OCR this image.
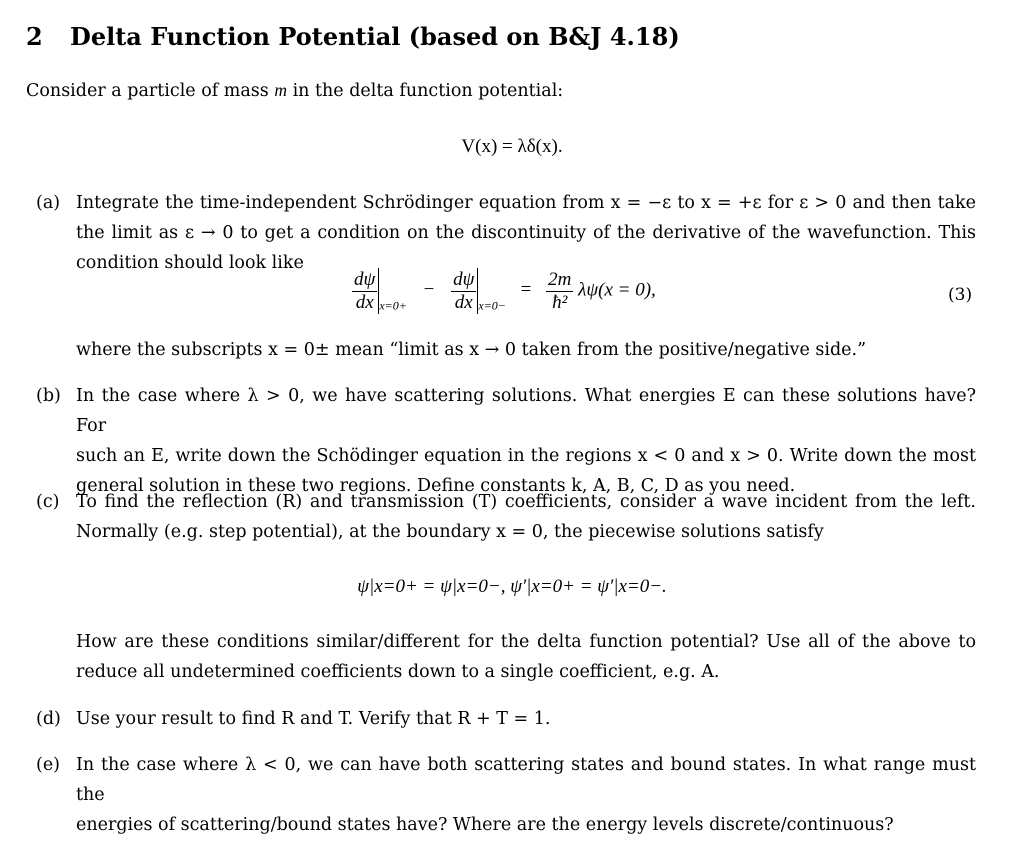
2 Delta Function Potential (based on B&J 4.18)
Consider a particle of mass m in the delta function potential:
V(x) = λδ(x).
(a) Integrate the time-independent Schrödinger equation from x = −ε to x = +ε for ε > 0 and then take
the limit as ε → 0 to get a condition on the discontinuity of the derivative of the wavefunction. This
condition should look like
$\frac{d\psi}{dx} _{x=0+} - \frac{d\psi}{dx} _{x=0-} = \frac{2m}{\text{ħ²}} \lambda\psi(x = 0)$,	(3)
where the subscripts x = 0± mean “limit as x → 0 taken from the positive/negative side.”
(b) In the case where λ > 0, we have scattering solutions. What energies E can these solutions have? For
such an E, write down the Schödinger equation in the regions x < 0 and x > 0. Write down the most
general solution in these two regions. Define constants k, A, B, C, D as you need.
(c) To find the reflection (R) and transmission (T) coefficients, consider a wave incident from the left.
Normally (e.g. step potential), at the boundary x = 0, the piecewise solutions satisfy
ψ|x=0+ = ψ|x=0−, ψ′|x=0+ = ψ′|x=0−.
How are these conditions similar/different for the delta function potential? Use all of the above to
reduce all undetermined coefficients down to a single coefficient, e.g. A.
(d) Use your result to find R and T. Verify that R + T = 1.
(e) In the case where λ < 0, we can have both scattering states and bound states. In what range must the
energies of scattering/bound states have? Where are the energy levels discrete/continuous?
